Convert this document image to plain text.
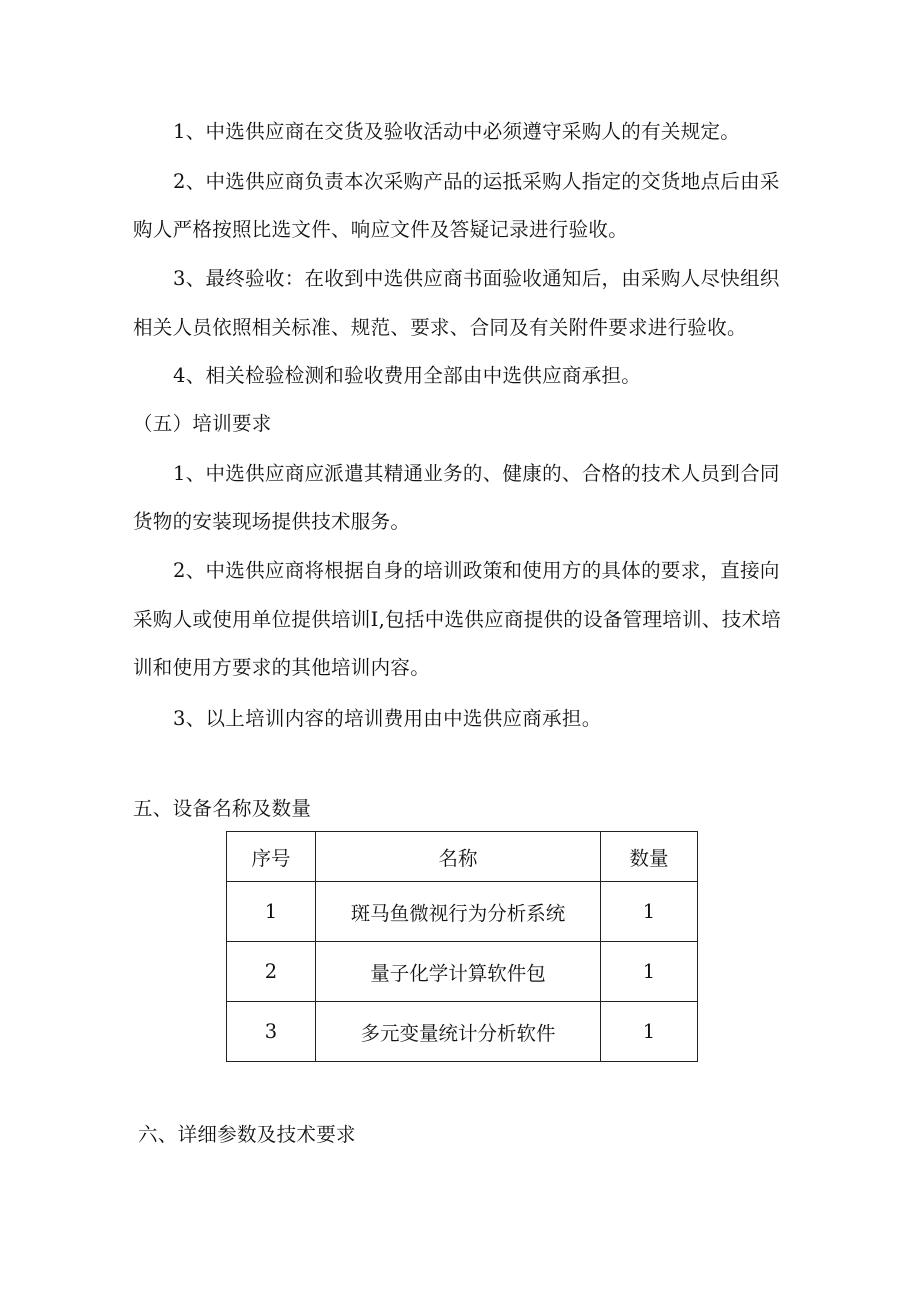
1、中选供应商在交货及验收活动中必须遵守采购人的有关规定。
2、中选供应商负责本次采购产品的运抵采购人指定的交货地点后由采
购人严格按照比选文件、响应文件及答疑记录进行验收。
3、最终验收：在收到中选供应商书面验收通知后，由采购人尽快组织
相关人员依照相关标准、规范、要求、合同及有关附件要求进行验收。
4、相关检验检测和验收费用全部由中选供应商承担。
（五）培训要求
1、中选供应商应派遣其精通业务的、健康的、合格的技术人员到合同
货物的安装现场提供技术服务。
2、中选供应商将根据自身的培训政策和使用方的具体的要求，直接向
采购人或使用单位提供培训I,包括中选供应商提供的设备管理培训、技术培
训和使用方要求的其他培训内容。
3、以上培训内容的培训费用由中选供应商承担。
五、设备名称及数量
序号	名称	数量
1	斑马鱼微视行为分析系统	1
2	量子化学计算软件包	1
3	多元变量统计分析软件	1
六、详细参数及技术要求
